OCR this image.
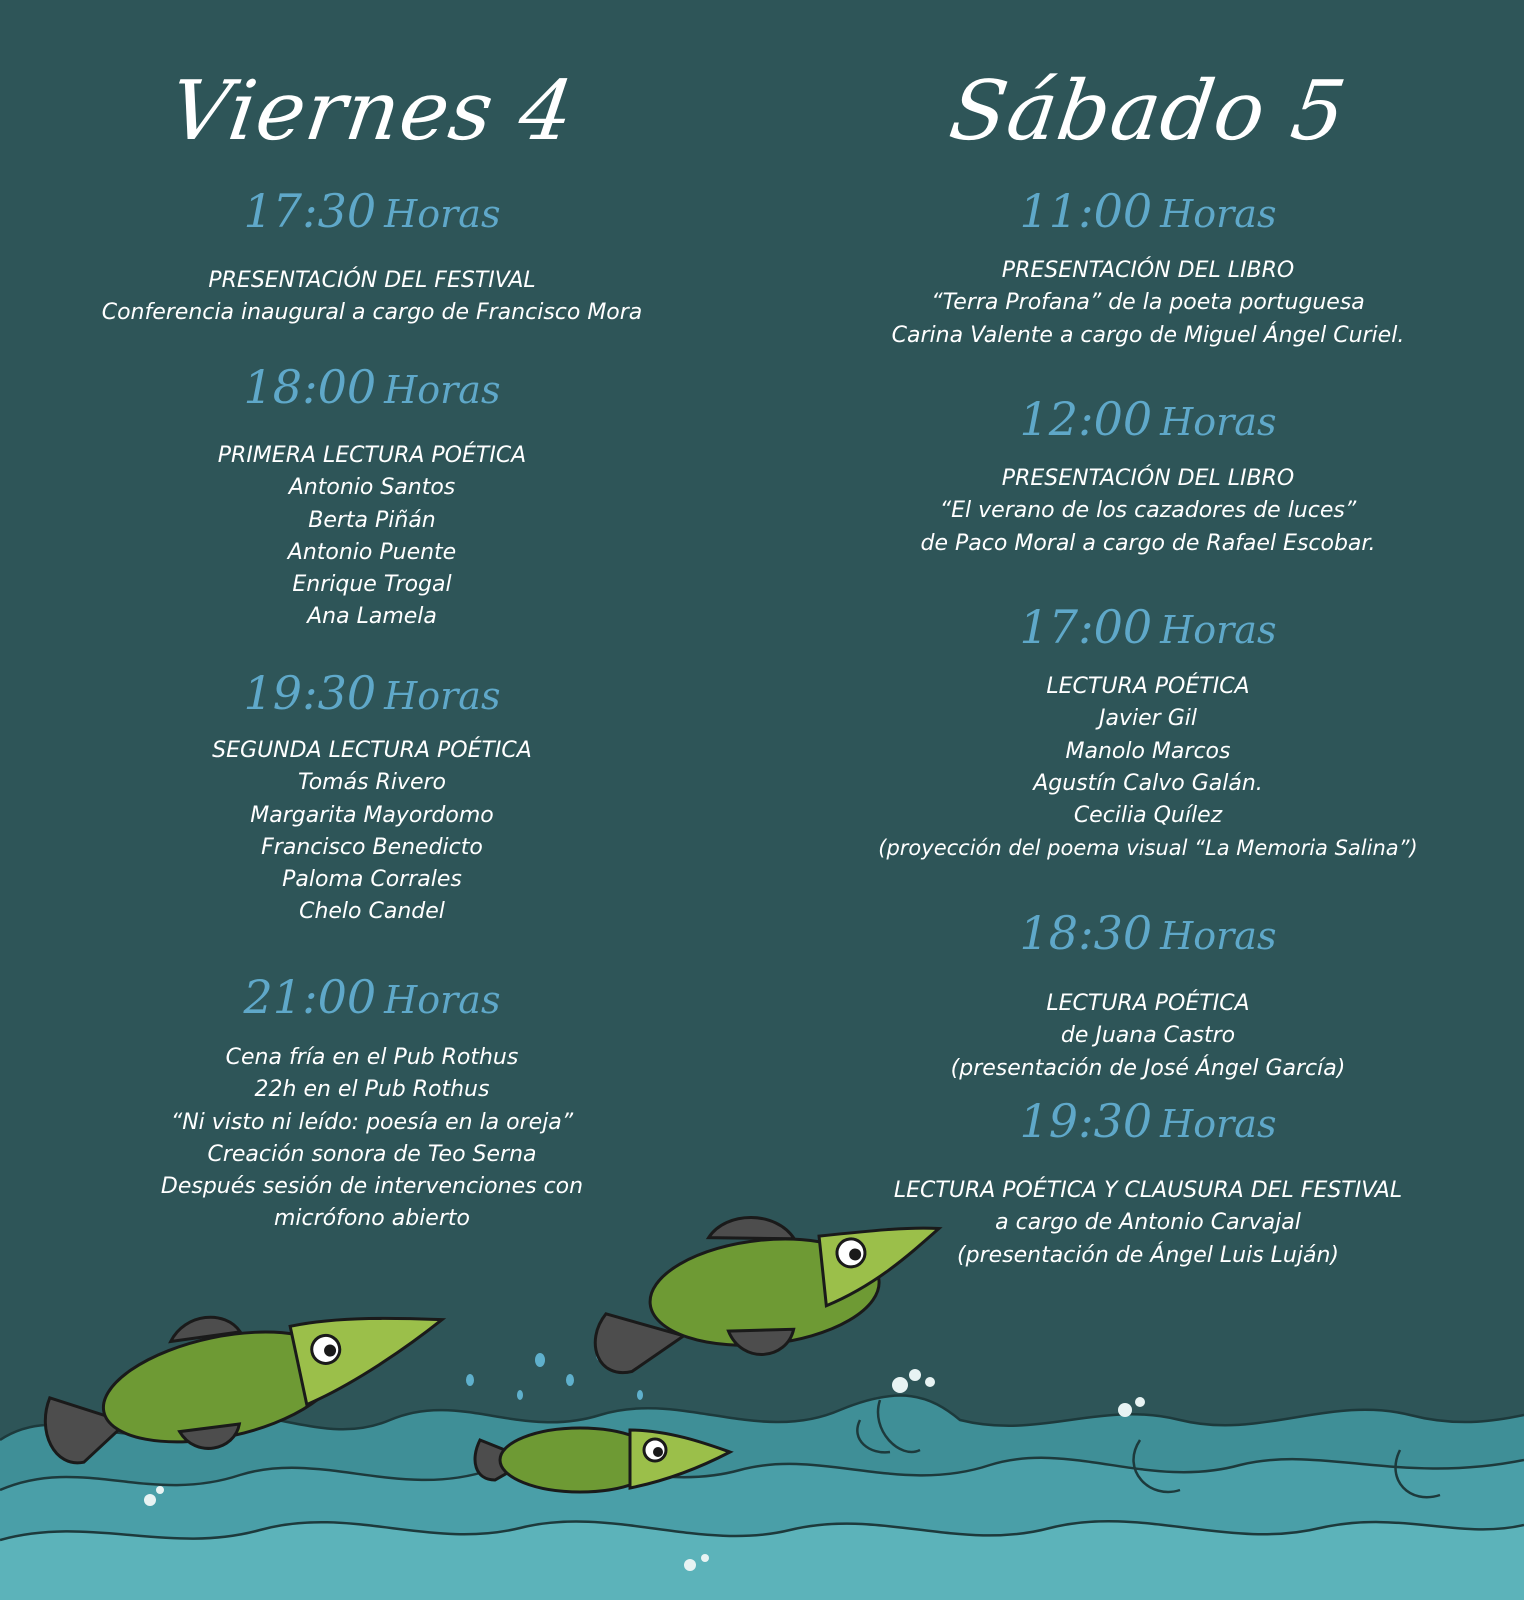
Viernes 4
17:30 Horas
PRESENTACIÓN DEL FESTIVAL
Conferencia inaugural a cargo de Francisco Mora
18:00 Horas
PRIMERA LECTURA POÉTICA
Antonio Santos
Berta Piñán
Antonio Puente
Enrique Trogal
Ana Lamela
19:30 Horas
SEGUNDA LECTURA POÉTICA
Tomás Rivero
Margarita Mayordomo
Francisco Benedicto
Paloma Corrales
Chelo Candel
21:00 Horas
Cena fría en el Pub Rothus
22h en el Pub Rothus
“Ni visto ni leído: poesía en la oreja”
Creación sonora de Teo Serna
Después sesión de intervenciones con
micrófono abierto
Sábado 5
11:00 Horas
PRESENTACIÓN DEL LIBRO
“Terra Profana” de la poeta portuguesa
Carina Valente a cargo de Miguel Ángel Curiel.
12:00 Horas
PRESENTACIÓN DEL LIBRO
“El verano de los cazadores de luces”
de Paco Moral a cargo de Rafael Escobar.
17:00 Horas
LECTURA POÉTICA
Javier Gil
Manolo Marcos
Agustín Calvo Galán.
Cecilia Quílez
(proyección del poema visual “La Memoria Salina”)
18:30 Horas
LECTURA POÉTICA
de Juana Castro
(presentación de José Ángel García)
19:30 Horas
LECTURA POÉTICA Y CLAUSURA DEL FESTIVAL
a cargo de Antonio Carvajal
(presentación de Ángel Luis Luján)
